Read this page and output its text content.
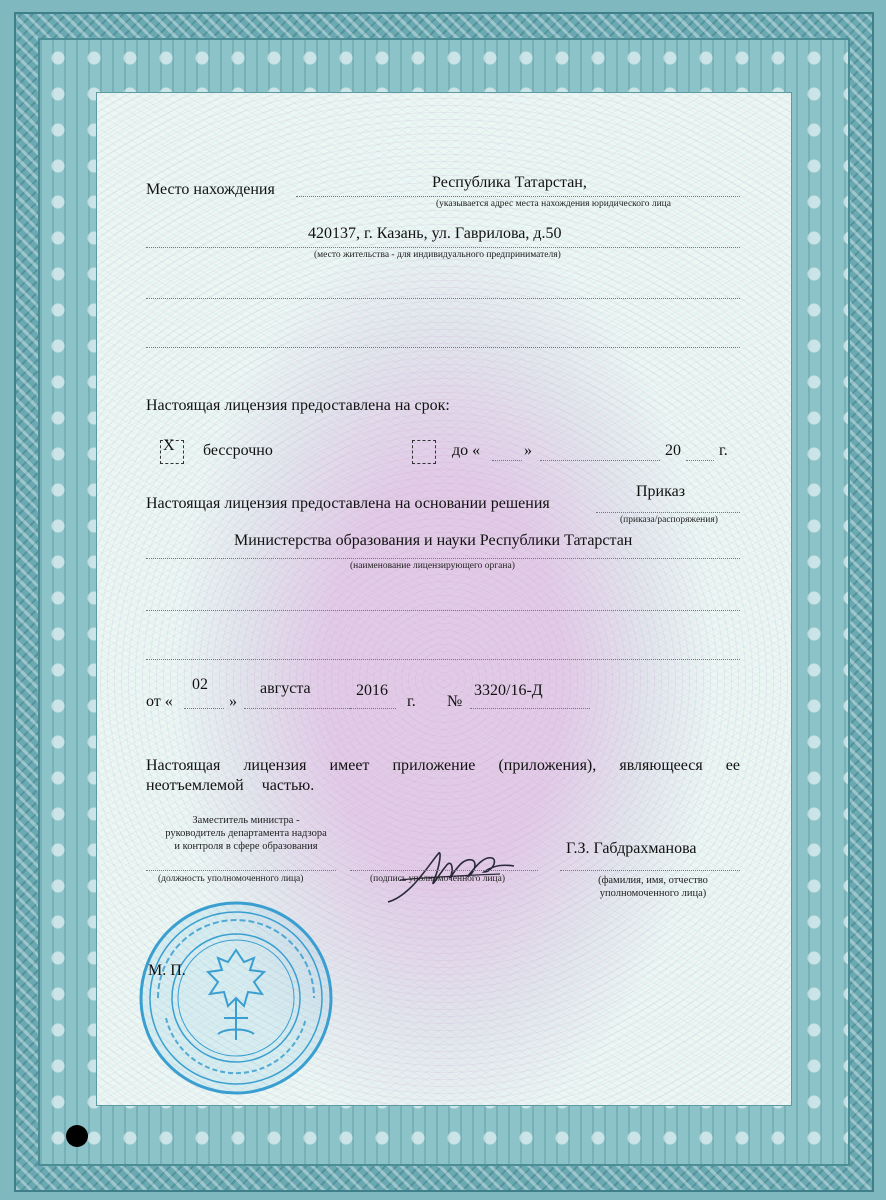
Место нахождения	Республика Татарстан,
(указывается адрес места нахождения юридического лица
420137, г. Казань, ул. Гаврилова, д.50
(место жительства - для индивидуального предпринимателя)
Настоящая лицензия предоставлена на срок:
Х бессрочно	до «	»	20 г.
Настоящая лицензия предоставлена на основании решения
Приказ
(приказа/распоряжения)
Министерства образования и науки Республики Татарстан
(наименование лицензирующего органа)
от «
02
»
августа	2016
г. №
3320/16-Д
Настоящая лицензия имеет приложение (приложения), являющееся ее
неотъемлемой частью.
Заместитель министра -
руководитель департамента надзора
и контроля в сфере образования
(должность уполномоченного лица)	(подпись уполномоченного лица)
Г.З. Габдрахманова
(фамилия, имя, отчество
уполномоченного лица)
М. П.
